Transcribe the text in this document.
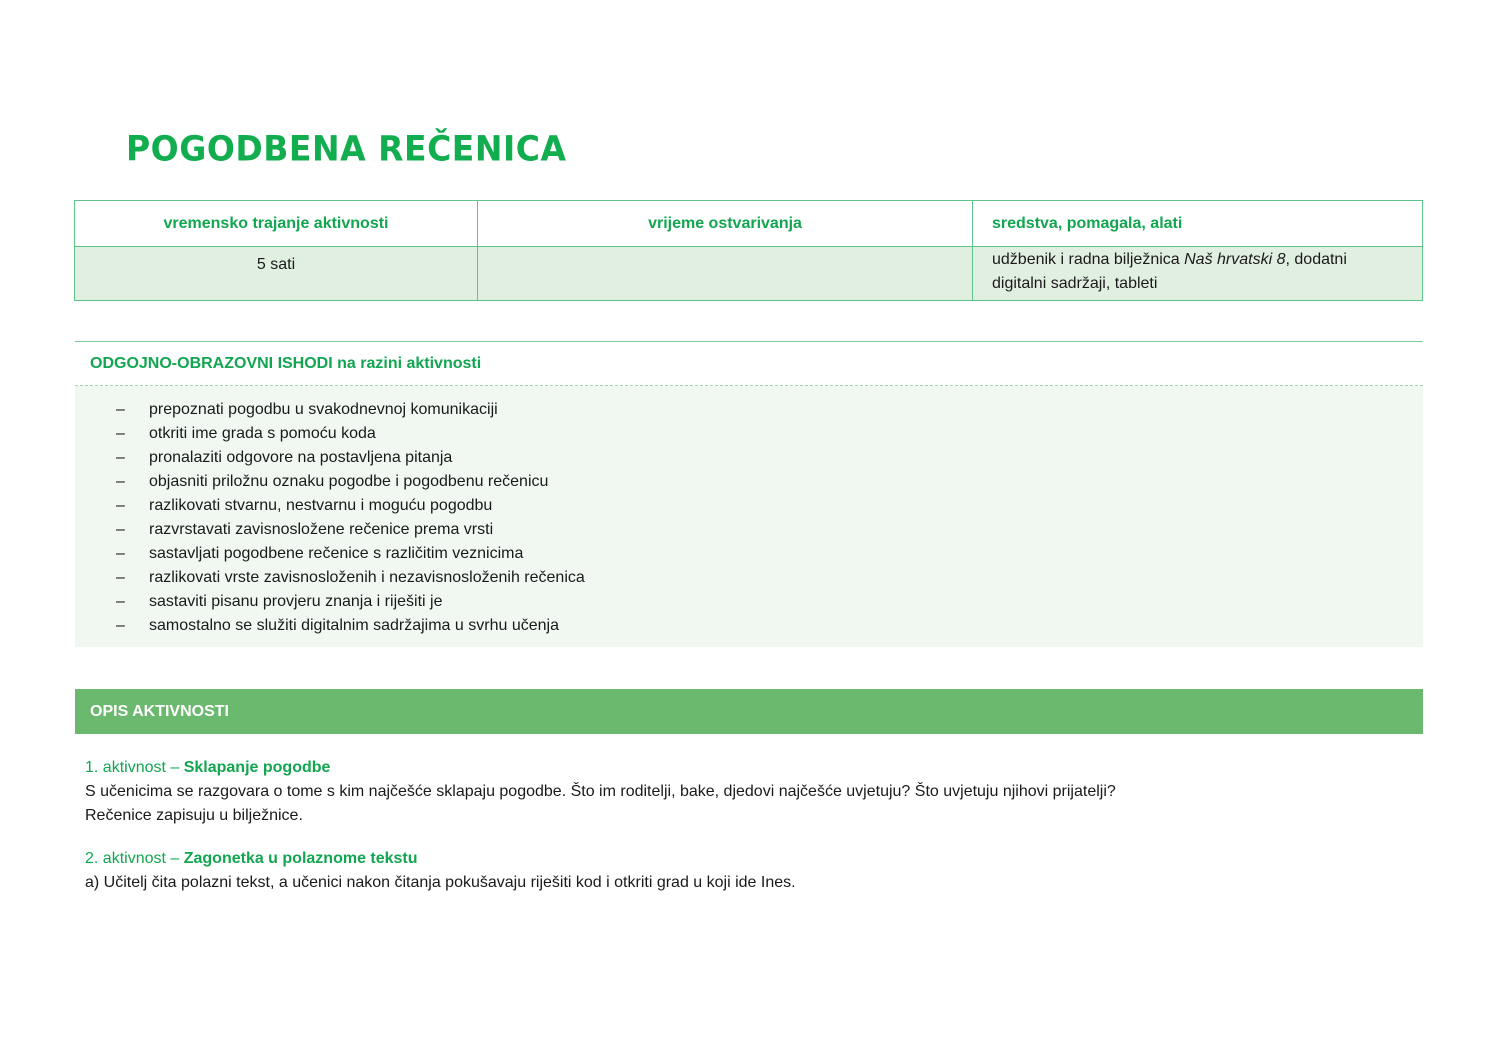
POGODBENA REČENICA
vremensko trajanje aktivnosti	vrijeme ostvarivanja	sredstva, pomagala, alati
5 sati		udžbenik i radna bilježnica Naš hrvatski 8, dodatni digitalni sadržaji, tableti
ODGOJNO-OBRAZOVNI ISHODI na razini aktivnosti
–	prepoznati pogodbu u svakodnevnoj komunikaciji
–	otkriti ime grada s pomoću koda
–	pronalaziti odgovore na postavljena pitanja
–	objasniti priložnu oznaku pogodbe i pogodbenu rečenicu
–	razlikovati stvarnu, nestvarnu i moguću pogodbu
–	razvrstavati zavisnosložene rečenice prema vrsti
–	sastavljati pogodbene rečenice s različitim veznicima
–	razlikovati vrste zavisnosloženih i nezavisnosloženih rečenica
–	sastaviti pisanu provjeru znanja i riješiti je
–	samostalno se služiti digitalnim sadržajima u svrhu učenja
OPIS AKTIVNOSTI

1. aktivnost – Sklapanje pogodbe

S učenicima se razgovara o tome s kim najčešće sklapaju pogodbe. Što im roditelji, bake, djedovi najčešće uvjetuju? Što uvjetuju njihovi prijatelji?

Rečenice zapisuju u bilježnice.

2. aktivnost – Zagonetka u polaznome tekstu

a) Učitelj čita polazni tekst, a učenici nakon čitanja pokušavaju riješiti kod i otkriti grad u koji ide Ines.
